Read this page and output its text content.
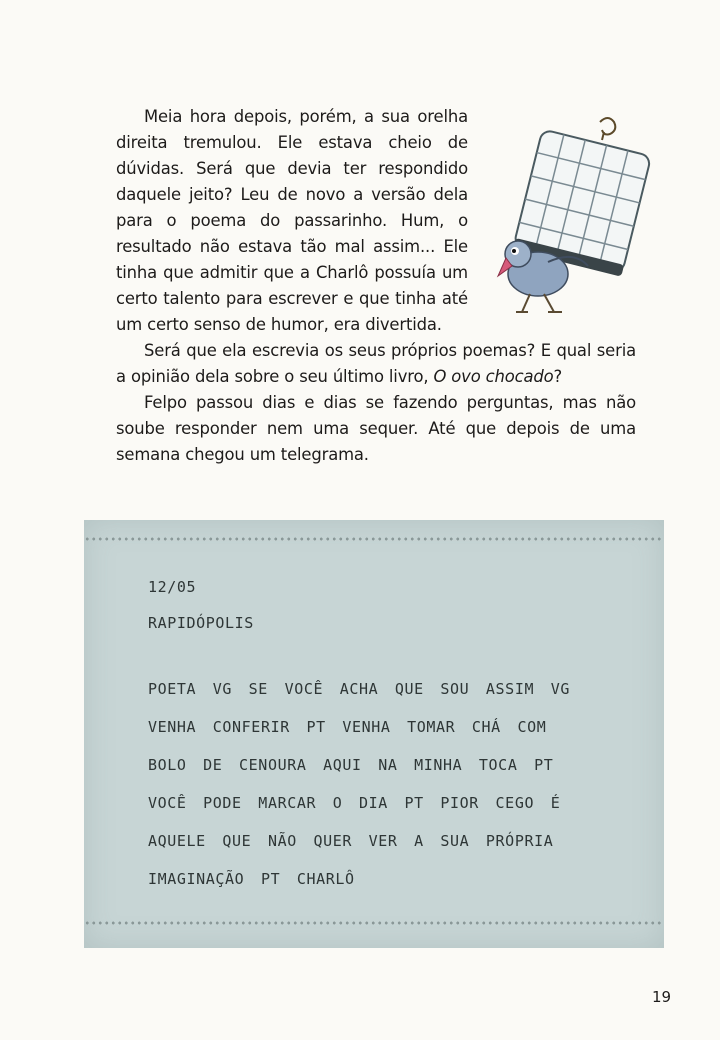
Meia hora depois, porém, a sua orelha direita tremulou. Ele estava cheio de dúvidas. Será que devia ter respondido daquele jeito? Leu de novo a versão dela para o poema do passarinho. Hum, o resultado não estava tão mal assim... Ele tinha que admitir que a Charlô possuía um certo talento para escrever e que tinha até um certo senso de humor, era divertida.

Será que ela escrevia os seus próprios poemas? E qual seria a opinião dela sobre o seu último livro, O ovo chocado?

Felpo passou dias e dias se fazendo perguntas, mas não soube responder nem uma sequer. Até que depois de uma semana chegou um telegrama.

12/05
RAPIDÓPOLIS
POETA VG SE VOCÊ ACHA QUE SOU ASSIM VG
VENHA CONFERIR PT VENHA TOMAR CHÁ COM
BOLO DE CENOURA AQUI NA MINHA TOCA PT
VOCÊ PODE MARCAR O DIA PT PIOR CEGO É
AQUELE QUE NÃO QUER VER A SUA PRÓPRIA
IMAGINAÇÃO PT CHARLÔ
19
